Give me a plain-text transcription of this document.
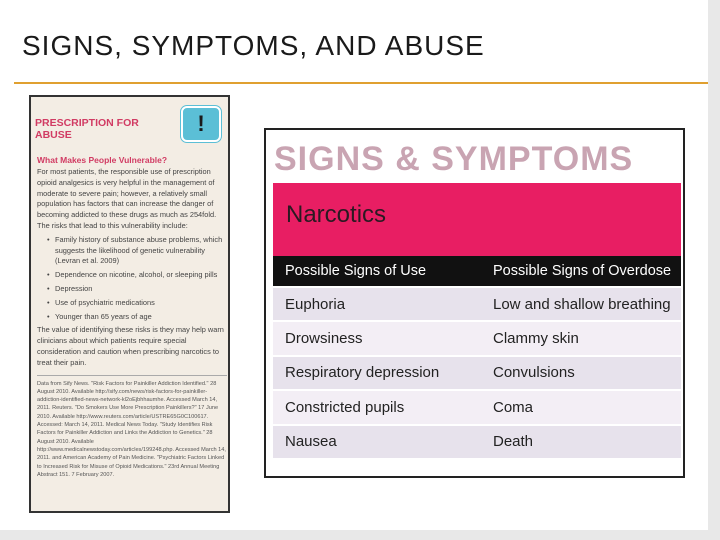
SIGNS, SYMPTOMS, AND ABUSE
PRESCRIPTION FOR
ABUSE	!
What Makes People Vulnerable?

For most patients, the responsible use of prescription opioid analgesics is very helpful in the management of moderate to severe pain; however, a relatively small population has factors that can increase the danger of becoming addicted to these drugs as much as 254fold. The risks that lead to this vulnerability include:

• Family history of substance abuse problems, which suggests the likelihood of genetic vulnerability (Levran et al. 2009)
• Dependence on nicotine, alcohol, or sleeping pills
• Depression
• Use of psychiatric medications
• Younger than 65 years of age

The value of identifying these risks is they may help warn clinicians about which patients require special consideration and caution when prescribing narcotics to treat their pain.

Data from Sify News. "Risk Factors for Painkiller Addiction Identified." 28 August 2010. Available http://sify.com/news/risk-factors-for-painkiller-addiction-identified-news-network-kl2oEjbhhaumhe. Accessed March 14, 2011. Reuters. "Do Smokers Use More Prescription Painkillers?" 17 June 2010. Available http://www.reuters.com/article/USTRE65G0C100617. Accessed: March 14, 2011. Medical News Today. "Study Identifies Risk Factors for Painkiller Addiction and Links the Addiction to Genetics." 28 August 2010. Available http://www.medicalnewstoday.com/articles/199248.php. Accessed March 14, 2011. and American Academy of Pain Medicine. "Psychiatric Factors Linked to Increased Risk for Misuse of Opioid Medications." 23rd Annual Meeting Abstract 151. 7 February 2007.

SIGNS & SYMPTOMS
Narcotics
Possible Signs of Use	Possible Signs of Overdose
Euphoria	Low and shallow breathing
Drowsiness	Clammy skin
Respiratory depression	Convulsions
Constricted pupils	Coma
Nausea	Death
